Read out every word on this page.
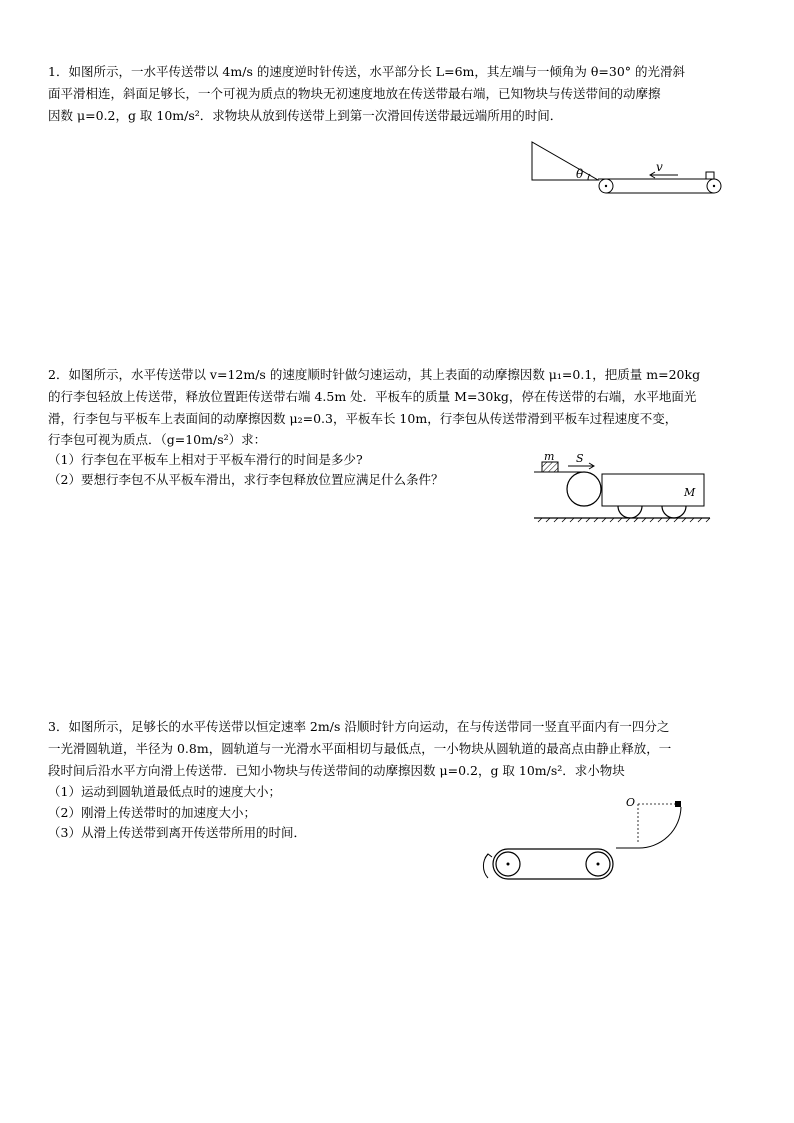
1．如图所示，一水平传送带以 4m/s 的速度逆时针传送，水平部分长 L=6m，其左端与一倾角为 θ=30° 的光滑斜
面平滑相连，斜面足够长，一个可视为质点的物块无初速度地放在传送带最右端，已知物块与传送带间的动摩擦
因数 μ=0.2，g 取 10m/s²．求物块从放到传送带上到第一次滑回传送带最远端所用的时间．
v
θ
2．如图所示，水平传送带以 v=12m/s 的速度顺时针做匀速运动，其上表面的动摩擦因数 μ₁=0.1，把质量 m=20kg
的行李包轻放上传送带，释放位置距传送带右端 4.5m 处．平板车的质量 M=30kg，停在传送带的右端，水平地面光
滑，行李包与平板车上表面间的动摩擦因数 μ₂=0.3，平板车长 10m，行李包从传送带滑到平板车过程速度不变，
行李包可视为质点．（g=10m/s²）求：
（1）行李包在平板车上相对于平板车滑行的时间是多少?
（2）要想行李包不从平板车滑出，求行李包释放位置应满足什么条件？
m S
M
3．如图所示，足够长的水平传送带以恒定速率 2m/s 沿顺时针方向运动，在与传送带同一竖直平面内有一四分之
一光滑圆轨道，半径为 0.8m，圆轨道与一光滑水平面相切与最低点，一小物块从圆轨道的最高点由静止释放，一
段时间后沿水平方向滑上传送带．已知小物块与传送带间的动摩擦因数 μ=0.2，g 取 10m/s²．求小物块
（1）运动到圆轨道最低点时的速度大小；
（2）刚滑上传送带时的加速度大小；
（3）从滑上传送带到离开传送带所用的时间．
O
